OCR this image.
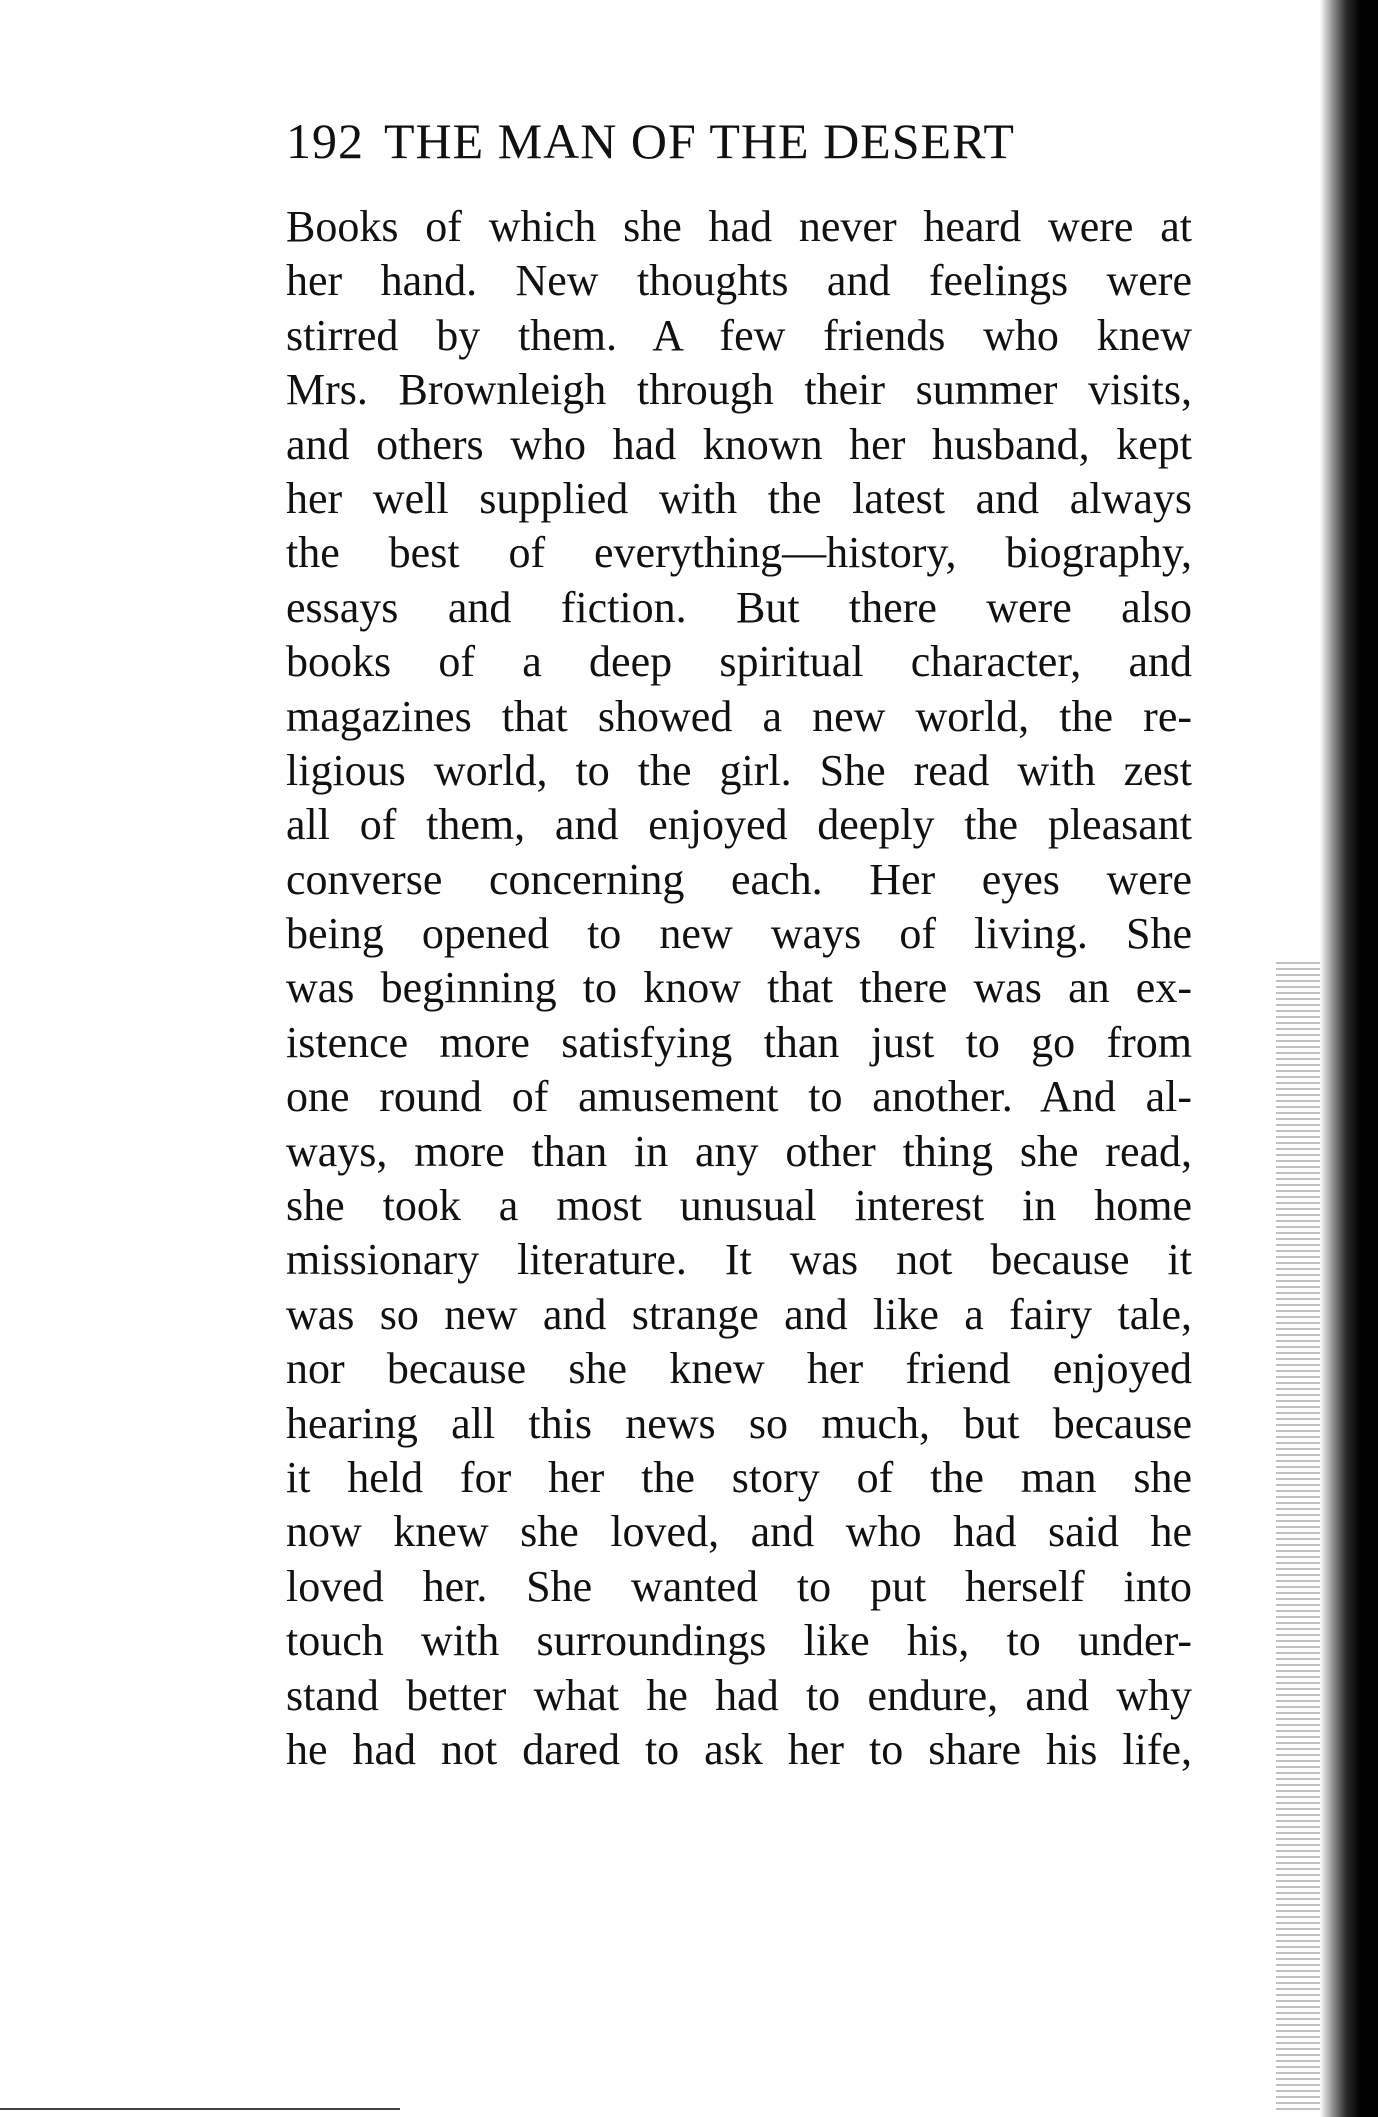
192 THE MAN OF THE DESERT
Books of which she had never heard were at
her hand. New thoughts and feelings were
stirred by them. A few friends who knew
Mrs. Brownleigh through their summer visits,
and others who had known her husband, kept
her well supplied with the latest and always
the best of everything—history, biography,
essays and fiction. But there were also
books of a deep spiritual character, and
magazines that showed a new world, the re-
ligious world, to the girl. She read with zest
all of them, and enjoyed deeply the pleasant
converse concerning each. Her eyes were
being opened to new ways of living. She
was beginning to know that there was an ex-
istence more satisfying than just to go from
one round of amusement to another. And al-
ways, more than in any other thing she read,
she took a most unusual interest in home
missionary literature. It was not because it
was so new and strange and like a fairy tale,
nor because she knew her friend enjoyed
hearing all this news so much, but because
it held for her the story of the man she
now knew she loved, and who had said he
loved her. She wanted to put herself into
touch with surroundings like his, to under-
stand better what he had to endure, and why
he had not dared to ask her to share his life,
